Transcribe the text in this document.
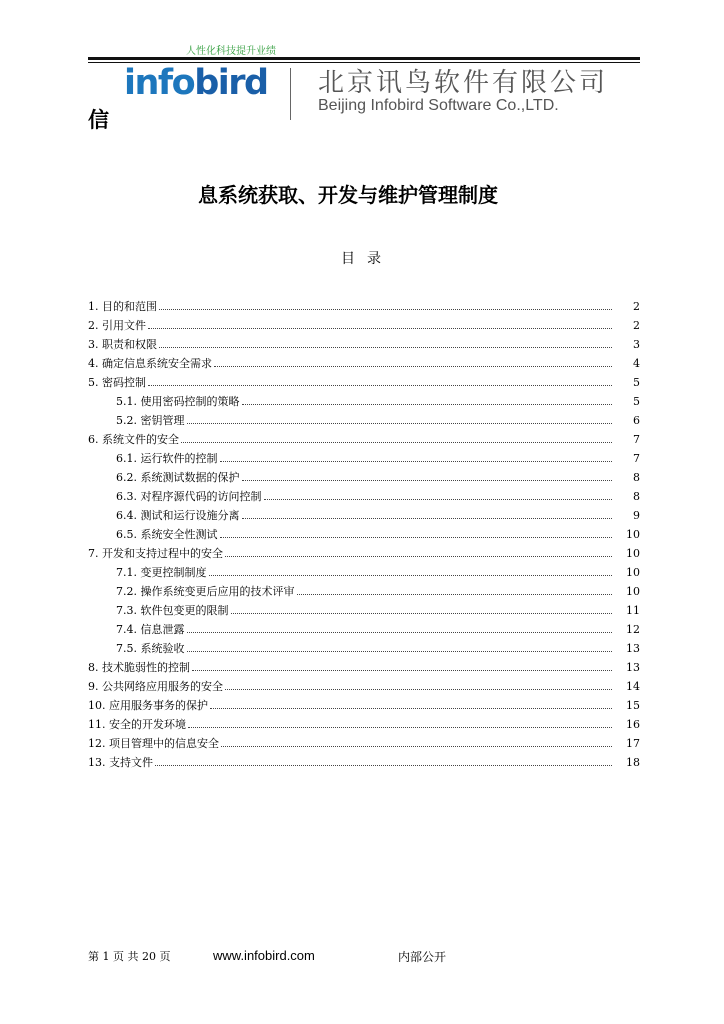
人性化科技提升业绩
infobird 北京讯鸟软件有限公司
Beijing Infobird Software Co.,LTD.
信
息系统获取、开发与维护管理制度
目录
1. 目的和范围	2
2. 引用文件	2
3. 职责和权限	3
4. 确定信息系统安全需求	4
5. 密码控制	5
5.1. 使用密码控制的策略	5
5.2. 密钥管理	6
6. 系统文件的安全	7
6.1. 运行软件的控制	7
6.2. 系统测试数据的保护	8
6.3. 对程序源代码的访问控制	8
6.4. 测试和运行设施分离	9
6.5. 系统安全性测试	10
7. 开发和支持过程中的安全	10
7.1. 变更控制制度	10
7.2. 操作系统变更后应用的技术评审	10
7.3. 软件包变更的限制	11
7.4. 信息泄露	12
7.5. 系统验收	13
8. 技术脆弱性的控制	13
9. 公共网络应用服务的安全	14
10. 应用服务事务的保护	15
11. 安全的开发环境	16
12. 项目管理中的信息安全	17
13. 支持文件	18
第 1 页 共 20 页	www.infobird.com	内部公开
